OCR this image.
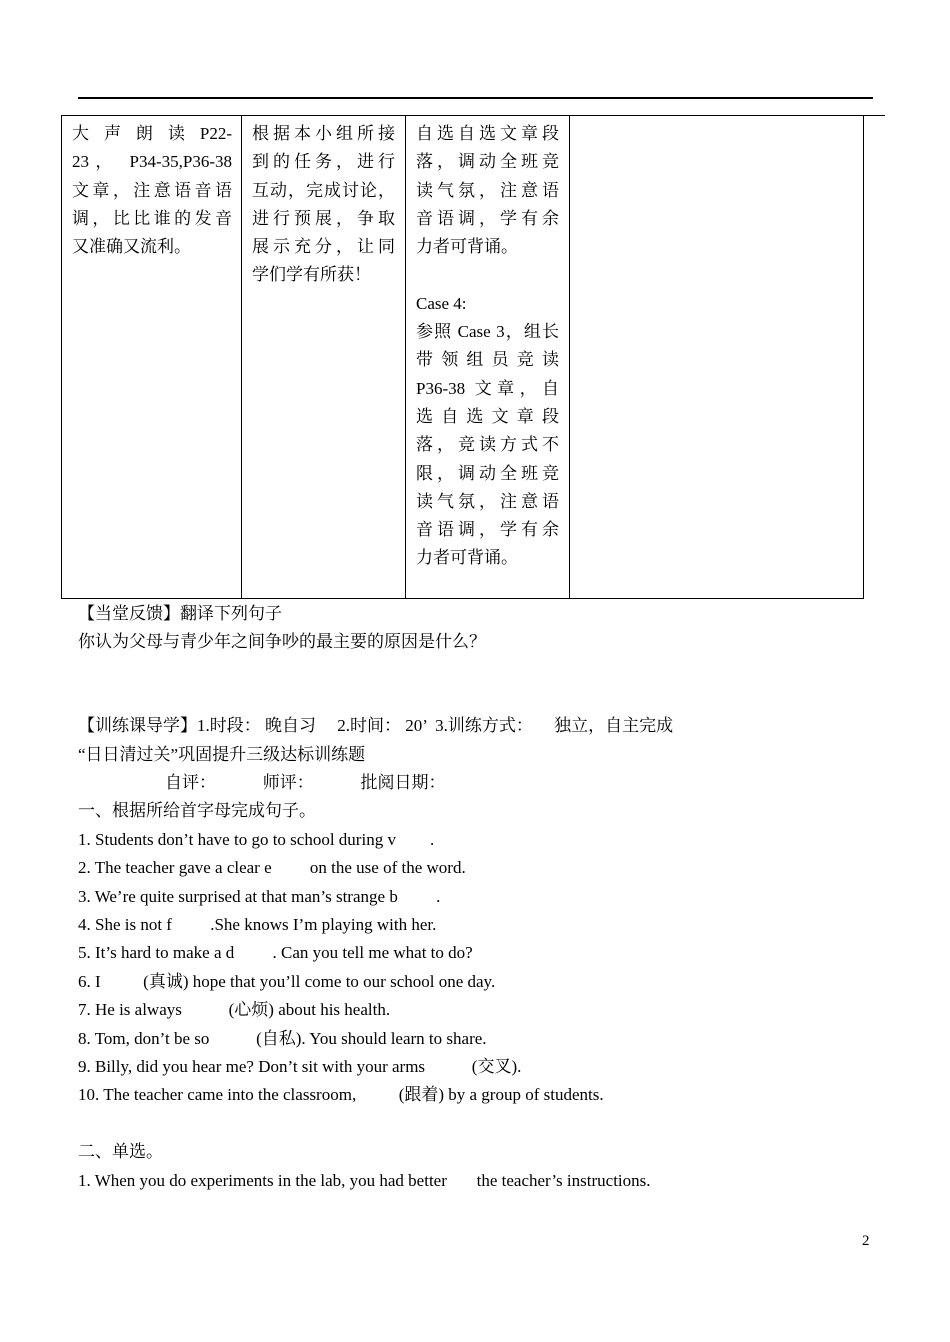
大 声 朗 读 P22-

23， P34-35,P36-38

文章，注意语音语

调，比比谁的发音

又准确又流利。

根据本小组所接

到的任务，进行

互动，完成讨论，

进行预展，争取

展示充分，让同

学们学有所获！

自选自选文章段

落，调动全班竞

读气氛，注意语

音语调，学有余

力者可背诵。

Case 4:

参照 Case 3，组长

带 领 组 员 竞 读

P36-38 文章，自

选 自 选 文 章 段

落，竞读方式不

限，调动全班竞

读气氛，注意语

音语调，学有余

力者可背诵。

【当堂反馈】翻译下列句子
你认为父母与青少年之间争吵的最主要的原因是什么？
【训练课导学】1.时段： 晚自习     2.时间： 20’  3.训练方式：     独立，自主完成
“日日清过关”巩固提升三级达标训练题
自评：           师评：           批阅日期：
一、根据所给首字母完成句子。
1. Students don’t have to go to school during v        .
2. The teacher gave a clear e         on the use of the word.
3. We’re quite surprised at that man’s strange b         .
4. She is not f         .She knows I’m playing with her.
5. It’s hard to make a d         . Can you tell me what to do?
6. I          (真诚) hope that you’ll come to our school one day.
7. He is always           (心烦) about his health.
8. Tom, don’t be so           (自私). You should learn to share.
9. Billy, did you hear me? Don’t sit with your arms           (交叉).
10. The teacher came into the classroom,          (跟着) by a group of students.
二、单选。
1. When you do experiments in the lab, you had better       the teacher’s instructions.
2
